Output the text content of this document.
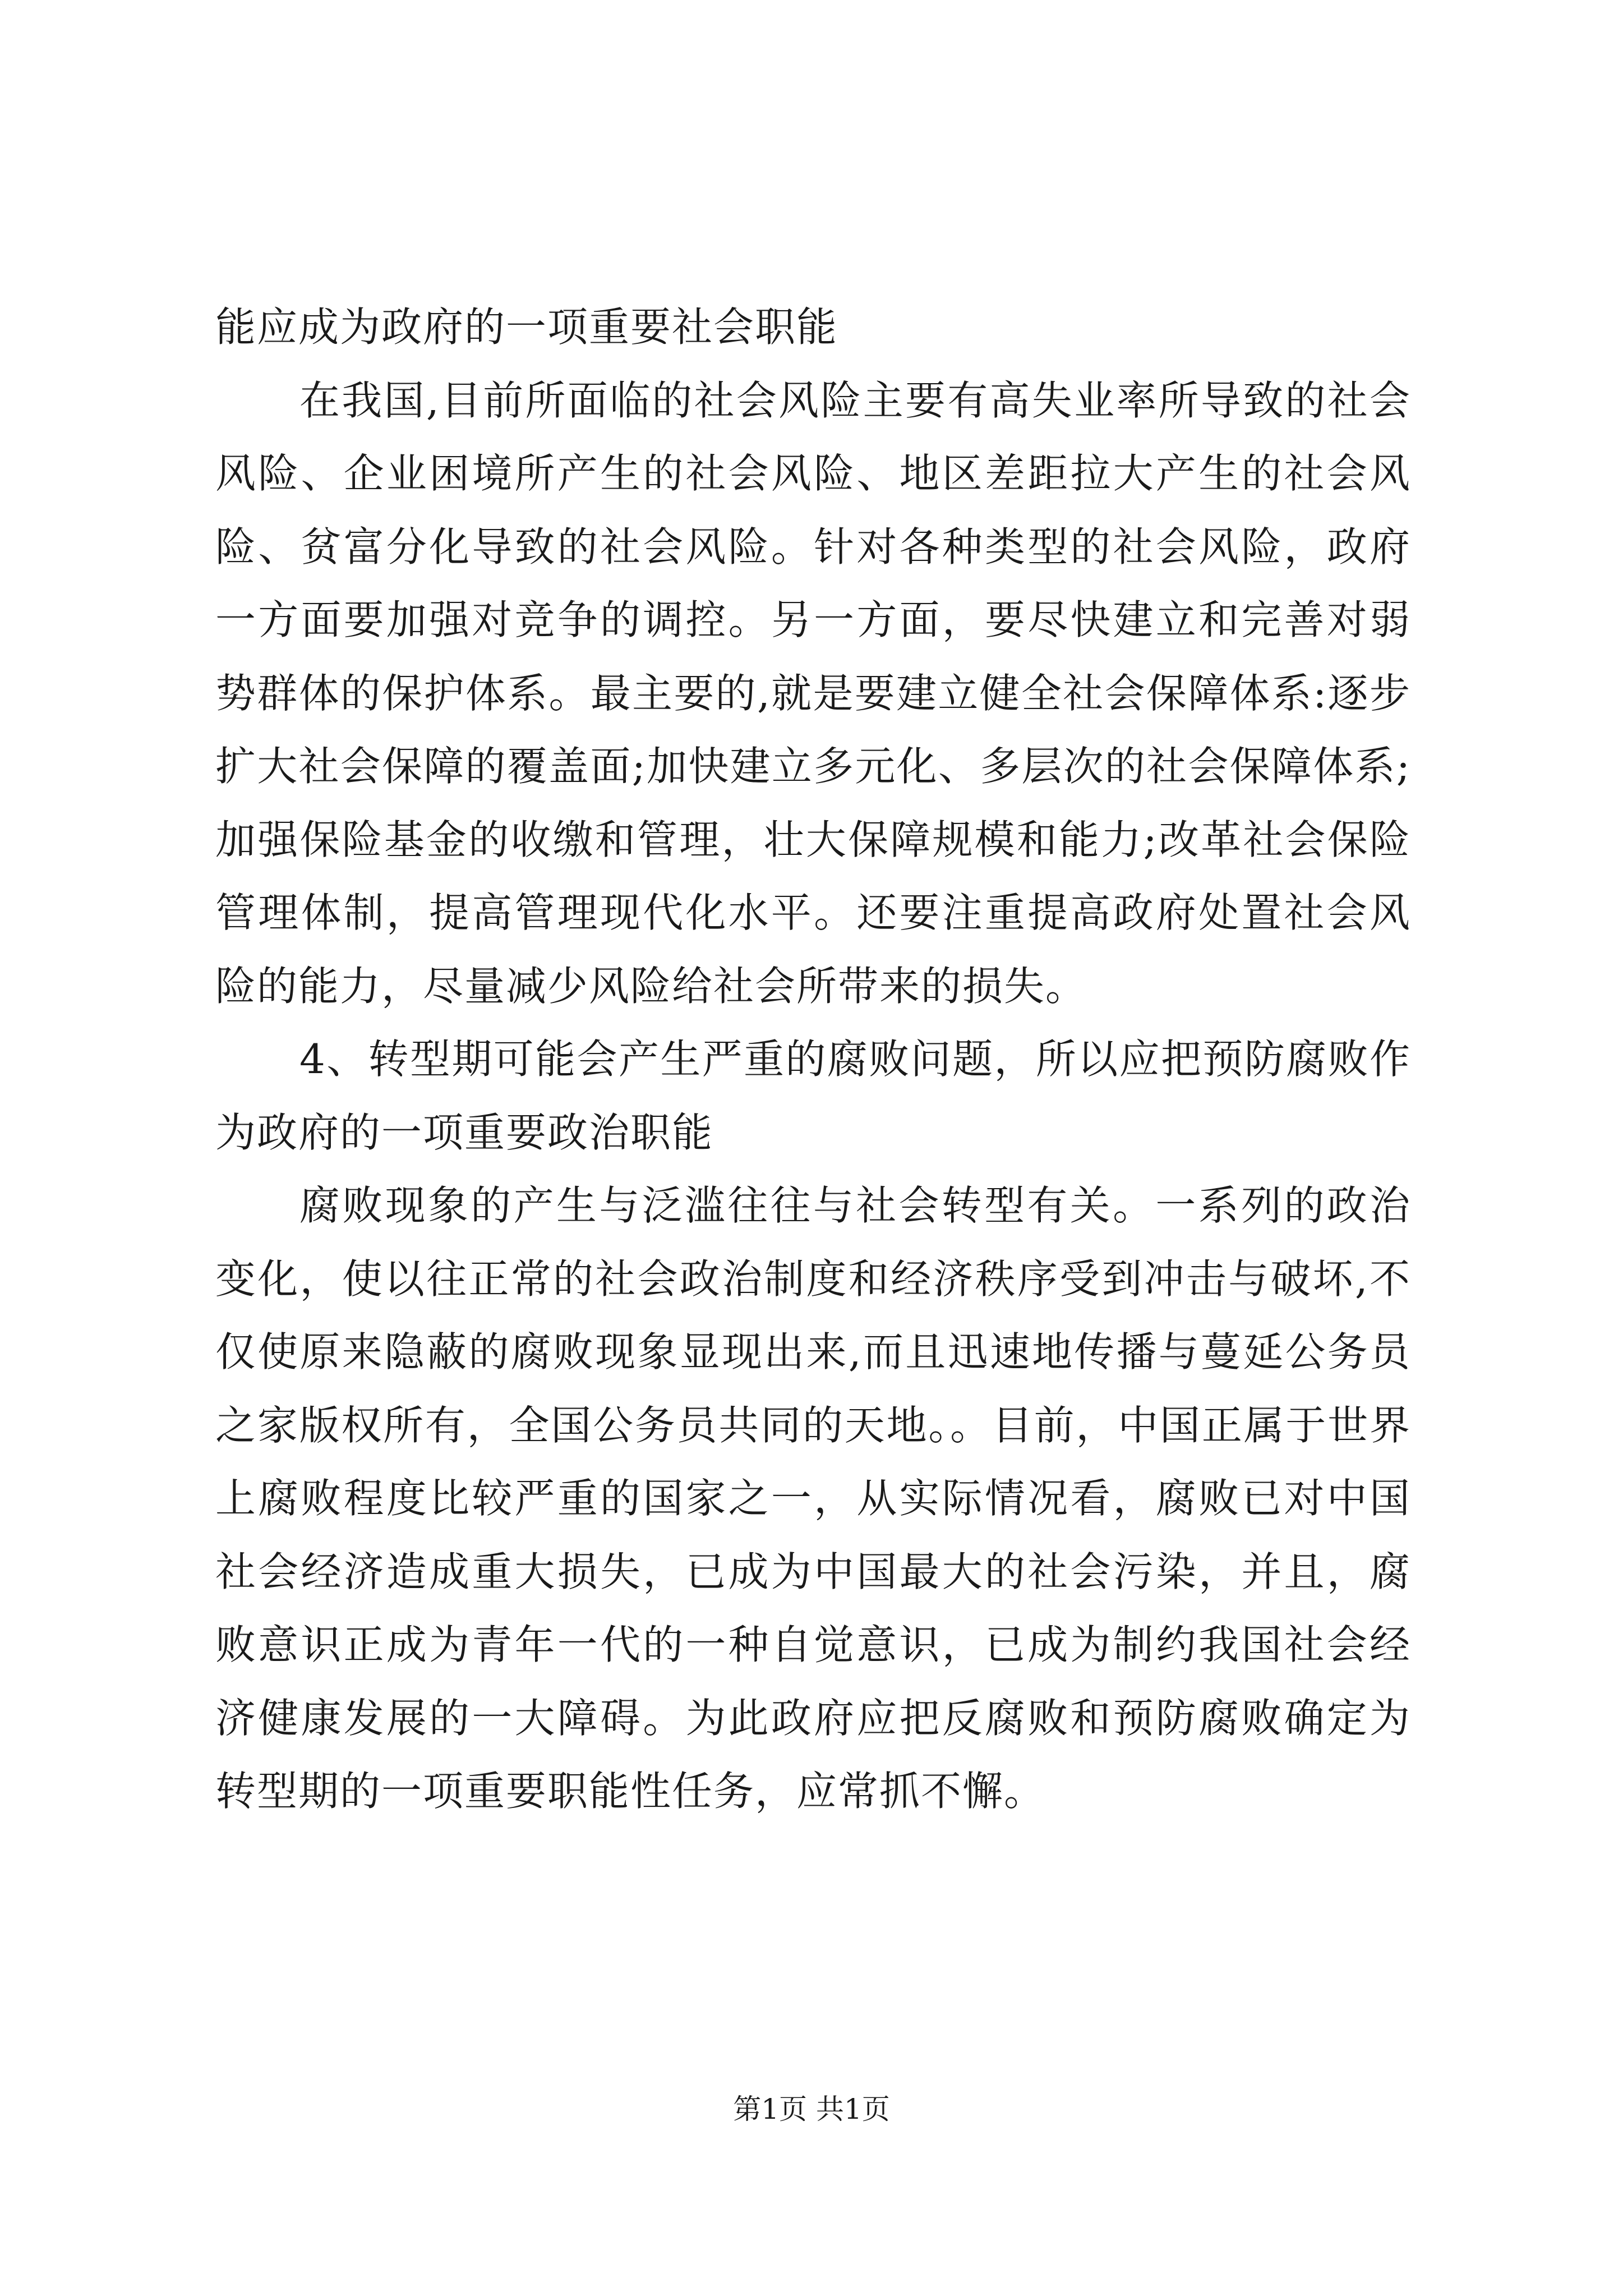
能应成为政府的一项重要社会职能

在我国,目前所面临的社会风险主要有高失业率所导致的社会风险、企业困境所产生的社会风险、地区差距拉大产生的社会风险、贫富分化导致的社会风险。针对各种类型的社会风险，政府一方面要加强对竞争的调控。另一方面，要尽快建立和完善对弱势群体的保护体系。最主要的,就是要建立健全社会保障体系:逐步扩大社会保障的覆盖面;加快建立多元化、多层次的社会保障体系;加强保险基金的收缴和管理，壮大保障规模和能力;改革社会保险管理体制，提高管理现代化水平。还要注重提高政府处置社会风险的能力，尽量减少风险给社会所带来的损失。

4、转型期可能会产生严重的腐败问题，所以应把预防腐败作为政府的一项重要政治职能

腐败现象的产生与泛滥往往与社会转型有关。一系列的政治变化，使以往正常的社会政治制度和经济秩序受到冲击与破坏,不仅使原来隐蔽的腐败现象显现出来,而且迅速地传播与蔓延公务员之家版权所有，全国公务员共同的天地。。目前，中国正属于世界上腐败程度比较严重的国家之一，从实际情况看，腐败已对中国社会经济造成重大损失，已成为中国最大的社会污染，并且，腐败意识正成为青年一代的一种自觉意识，已成为制约我国社会经济健康发展的一大障碍。为此政府应把反腐败和预防腐败确定为转型期的一项重要职能性任务，应常抓不懈。

第1页 共1页
